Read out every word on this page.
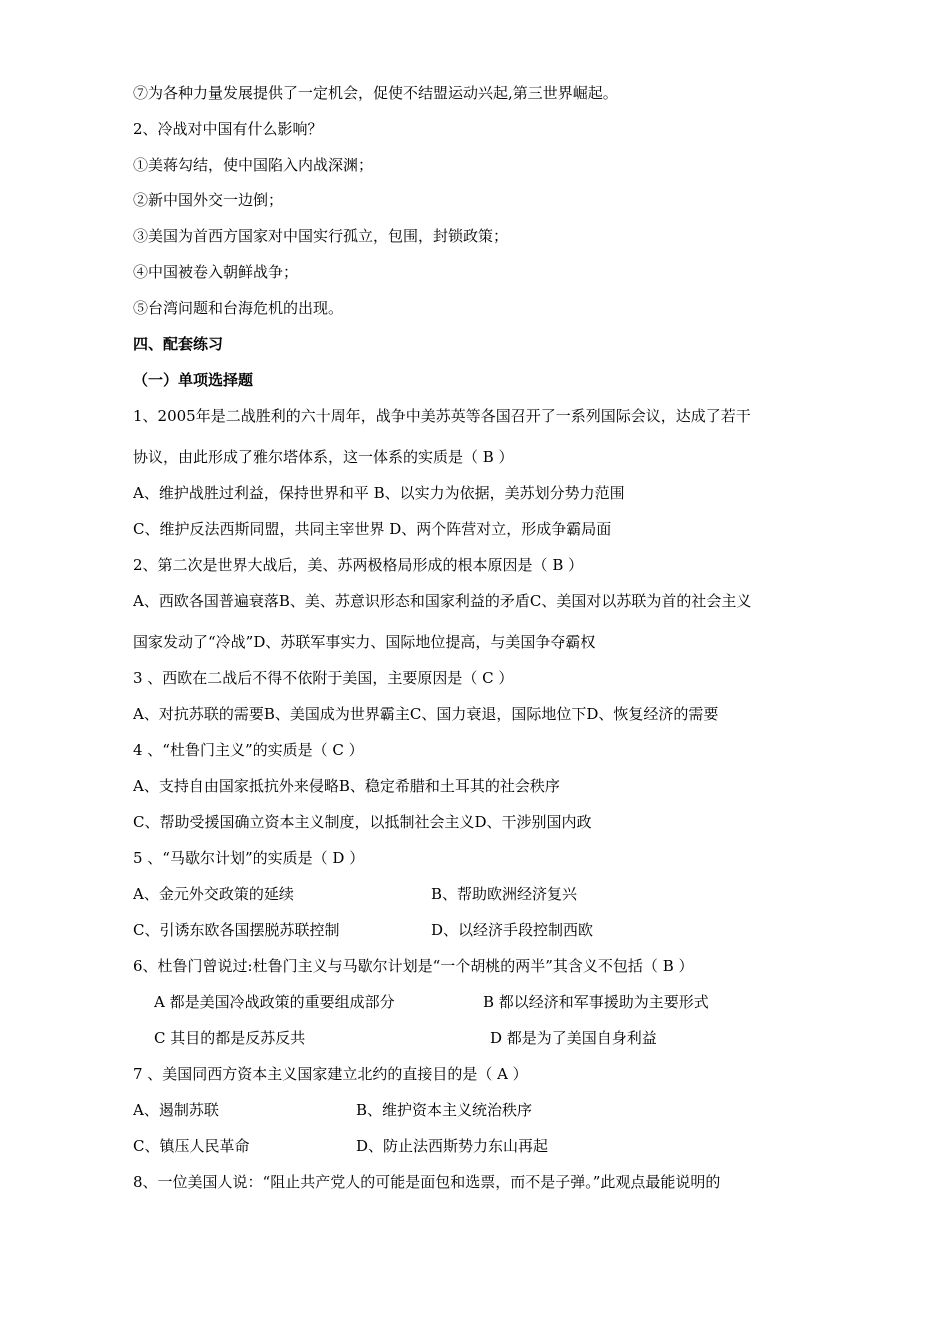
⑦为各种力量发展提供了一定机会，促使不结盟运动兴起,第三世界崛起。
2、冷战对中国有什么影响？
①美蒋勾结，使中国陷入内战深渊；
②新中国外交一边倒；
③美国为首西方国家对中国实行孤立，包围，封锁政策；
④中国被卷入朝鲜战争；
⑤台湾问题和台海危机的出现。
四、配套练习
（一）单项选择题
1、2005年是二战胜利的六十周年，战争中美苏英等各国召开了一系列国际会议，达成了若干
协议，由此形成了雅尔塔体系，这一体系的实质是（ B ）
A、维护战胜过利益，保持世界和平 B、以实力为依据，美苏划分势力范围
C、维护反法西斯同盟，共同主宰世界 D、两个阵营对立，形成争霸局面
2、第二次是世界大战后，美、苏两极格局形成的根本原因是（ B ）
A、西欧各国普遍衰落B、美、苏意识形态和国家利益的矛盾C、美国对以苏联为首的社会主义
国家发动了“冷战”D、苏联军事实力、国际地位提高，与美国争夺霸权
3 、西欧在二战后不得不依附于美国，主要原因是（ C ）
A、对抗苏联的需要B、美国成为世界霸主C、国力衰退，国际地位下D、恢复经济的需要
4 、“杜鲁门主义”的实质是（ C ）
A、支持自由国家抵抗外来侵略B、稳定希腊和土耳其的社会秩序
C、帮助受援国确立资本主义制度，以抵制社会主义D、干涉别国内政
5 、“马歇尔计划”的实质是（ D ）
A、金元外交政策的延续	B、帮助欧洲经济复兴
C、引诱东欧各国摆脱苏联控制	D、以经济手段控制西欧
6、杜鲁门曾说过:杜鲁门主义与马歇尔计划是“一个胡桃的两半”其含义不包括（ B ）
A 都是美国冷战政策的重要组成部分	B 都以经济和军事援助为主要形式
C 其目的都是反苏反共	D 都是为了美国自身利益
7 、美国同西方资本主义国家建立北约的直接目的是（ A ）
A、遏制苏联	B、维护资本主义统治秩序
C、镇压人民革命	D、防止法西斯势力东山再起
8、一位美国人说：“阻止共产党人的可能是面包和选票，而不是子弹。”此观点最能说明的
